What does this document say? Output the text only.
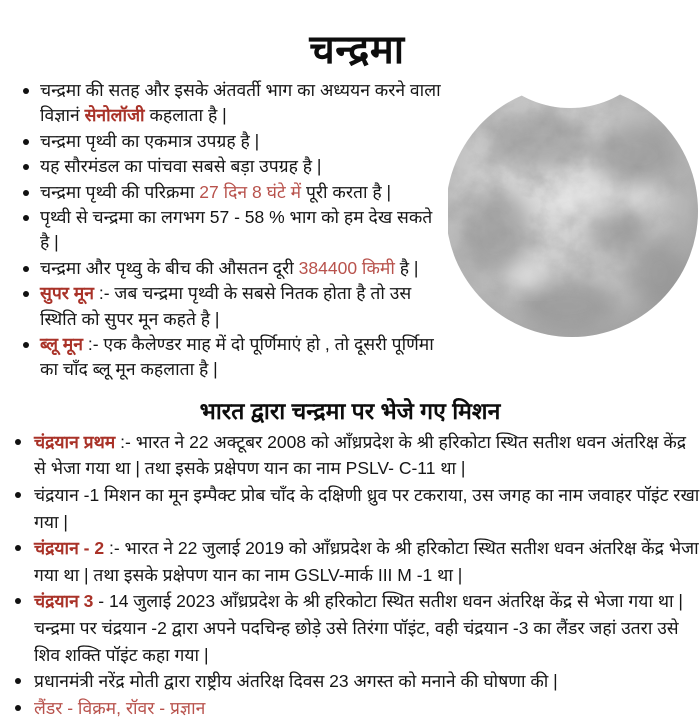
चन्द्रमा
चन्द्रमा की सतह और इसके अंतवर्ती भाग का अध्ययन करने वाला विज्ञानं सेनोलॉजी कहलाता है |
चन्द्रमा पृथ्वी का एकमात्र उपग्रह है |
यह सौरमंडल का पांचवा सबसे बड़ा उपग्रह है |
चन्द्रमा पृथ्वी की परिक्रमा 27 दिन 8 घंटे में पूरी करता है |
पृथ्वी से चन्द्रमा का लगभग 57 - 58 % भाग को हम देख सकते है |
चन्द्रमा और पृथ्वु के बीच की औसतन दूरी 384400 किमी है |
सुपर मून :- जब चन्द्रमा पृथ्वी के सबसे नितक होता है तो उस स्थिति को सुपर मून कहते है |
ब्लू मून :- एक कैलेण्डर माह में दो पूर्णिमाएं हो , तो दूसरी पूर्णिमा का चाँद ब्लू मून कहलाता है |
भारत द्वारा चन्द्रमा पर भेजे गए मिशन
चंद्रयान प्रथम :- भारत ने 22 अक्टूबर 2008 को आँध्रप्रदेश के श्री हरिकोटा स्थित सतीश धवन अंतरिक्ष केंद्र से भेजा गया था | तथा इसके प्रक्षेपण यान का नाम PSLV- C-11 था |
चंद्रयान -1 मिशन का मून इम्पैक्ट प्रोब चाँद के दक्षिणी ध्रुव पर टकराया, उस जगह का नाम जवाहर पॉइंट रखा गया |
चंद्रयान - 2 :- भारत ने 22 जुलाई 2019 को आँध्रप्रदेश के श्री हरिकोटा स्थित सतीश धवन अंतरिक्ष केंद्र भेजा गया था | तथा इसके प्रक्षेपण यान का नाम GSLV-मार्क III M -1 था |
चंद्रयान 3 - 14 जुलाई 2023 आँध्रप्रदेश के श्री हरिकोटा स्थित सतीश धवन अंतरिक्ष केंद्र से भेजा गया था | चन्द्रमा पर चंद्रयान -2 द्वारा अपने पदचिन्ह छोड़े उसे तिरंगा पॉइंट, वही चंद्रयान -3 का लैंडर जहां उतरा उसे शिव शक्ति पॉइंट कहा गया |
प्रधानमंत्री नरेंद्र मोती द्वारा राष्ट्रीय अंतरिक्ष दिवस 23 अगस्त को मनाने की घोषणा की |
लैंडर - विक्रम, रॉवर - प्रज्ञान
